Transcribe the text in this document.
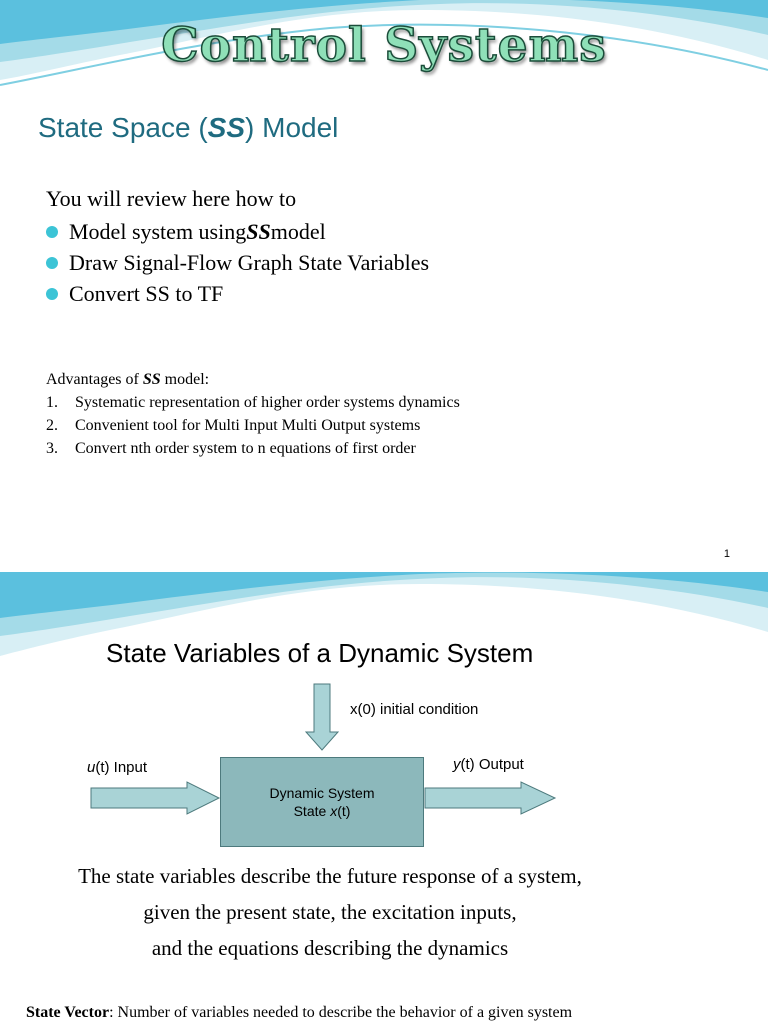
Control Systems
State Space (SS) Model
You will review here how to
Model system using SS model
Draw Signal-Flow Graph State Variables
Convert SS to TF
Advantages of SS model:
1.	Systematic representation of higher order systems dynamics
2.	Convenient tool for Multi Input Multi Output systems
3.	Convert nth order system to n equations of first order
1
State Variables of a Dynamic System
Dynamic System
State x(t)
u(t) Input
x(0) initial condition
y(t) Output
The state variables describe the future response of a system,
given the present state, the excitation inputs,
and the equations describing the dynamics
State Vector: Number of variables needed to describe the behavior of a given system
